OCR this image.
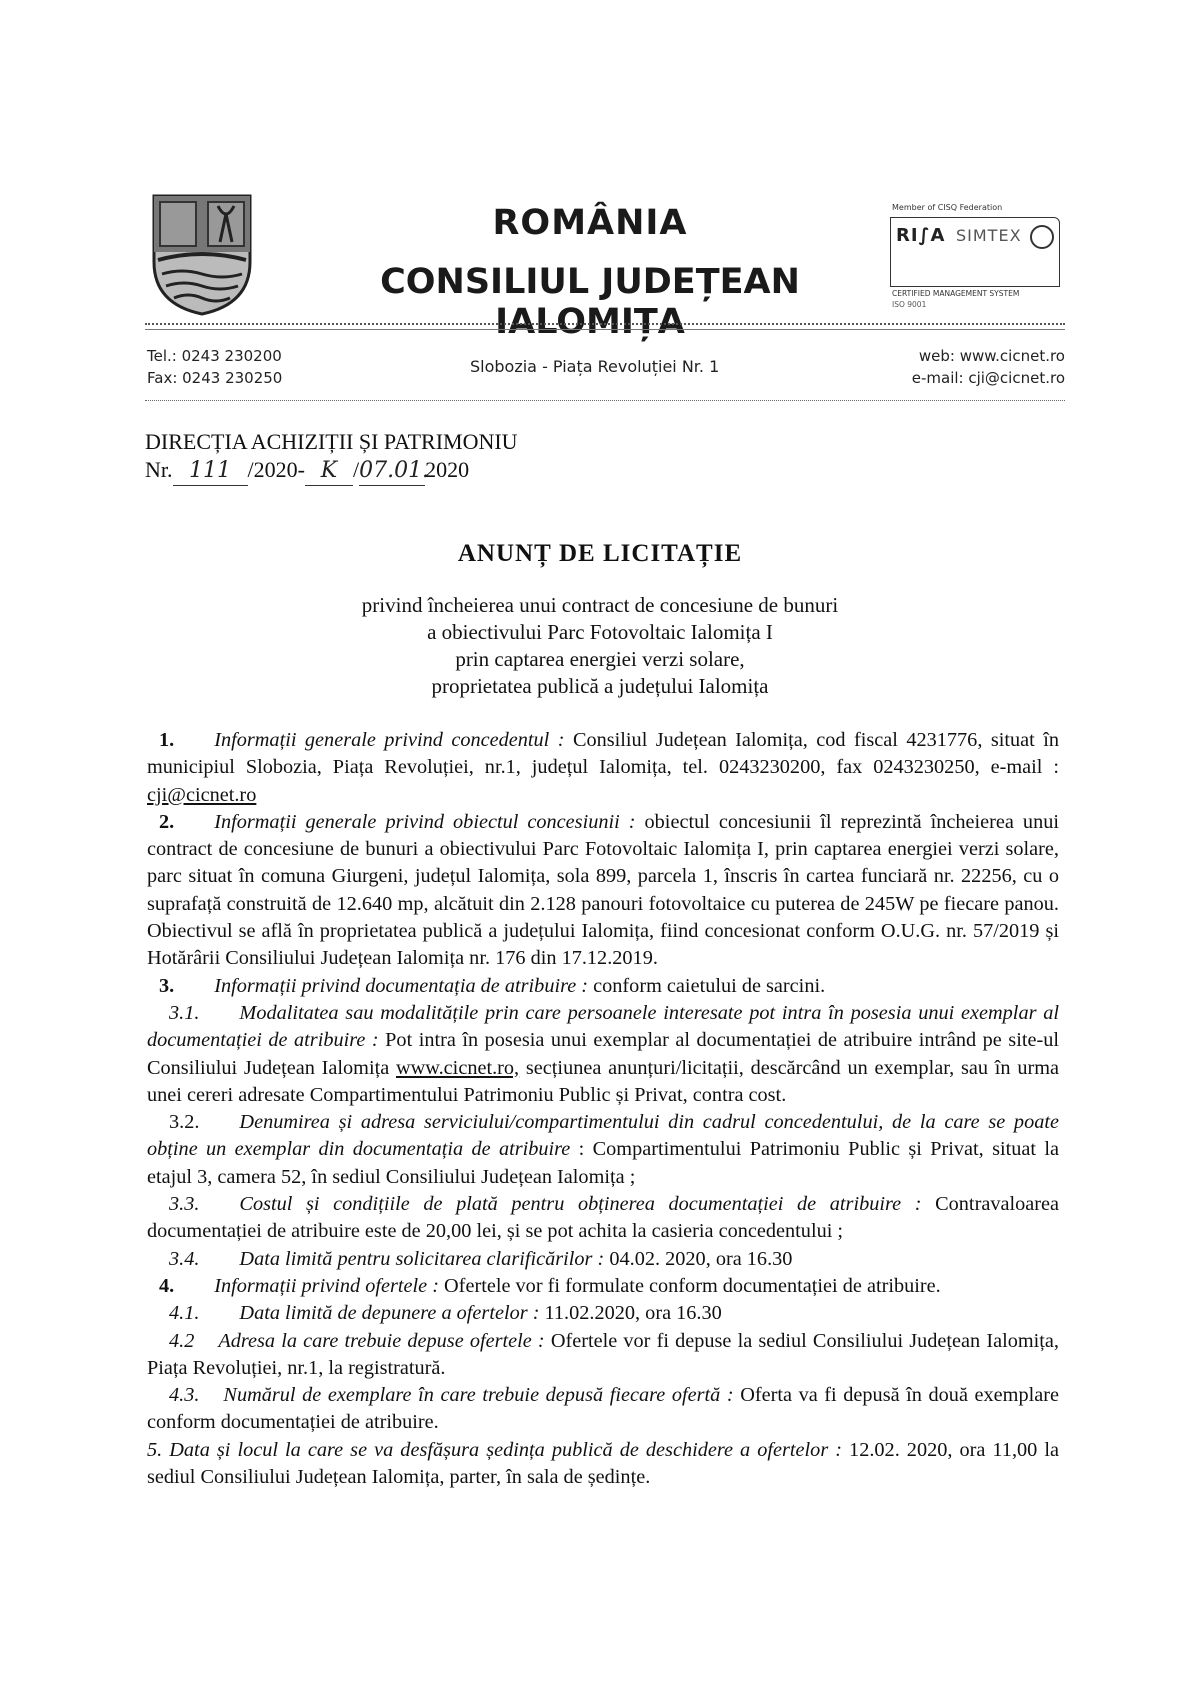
ROMÂNIA
CONSILIUL JUDEȚEAN IALOMIȚA
Member of CISQ Federation
RI∫A SIMTEX
CERTIFIED MANAGEMENT SYSTEM
ISO 9001
Tel.: 0243 230200
Fax: 0243 230250
Slobozia - Piața Revoluției Nr. 1
web: www.cicnet.ro
e-mail: cji@cicnet.ro
DIRECȚIA ACHIZIȚII ȘI PATRIMONIU
Nr. 111 /2020- K /07.01.2020
ANUNȚ DE LICITAȚIE
privind încheierea unui contract de concesiune de bunuri
a obiectivului Parc Fotovoltaic Ialomița I
prin captarea energiei verzi solare,
proprietatea publică a județului Ialomița

1. Informații generale privind concedentul : Consiliul Județean Ialomița, cod fiscal 4231776, situat în municipiul Slobozia, Piața Revoluției, nr.1, județul Ialomița, tel. 0243230200, fax 0243230250, e-mail : cji@cicnet.ro

2. Informații generale privind obiectul concesiunii : obiectul concesiunii îl reprezintă încheierea unui contract de concesiune de bunuri a obiectivului Parc Fotovoltaic Ialomița I, prin captarea energiei verzi solare, parc situat în comuna Giurgeni, județul Ialomița, sola 899, parcela 1, înscris în cartea funciară nr. 22256, cu o suprafață construită de 12.640 mp, alcătuit din 2.128 panouri fotovoltaice cu puterea de 245W pe fiecare panou. Obiectivul se află în proprietatea publică a județului Ialomița, fiind concesionat conform O.U.G. nr. 57/2019 și Hotărârii Consiliului Județean Ialomița nr. 176 din 17.12.2019.

3. Informații privind documentația de atribuire : conform caietului de sarcini.

3.1. Modalitatea sau modalitățile prin care persoanele interesate pot intra în posesia unui exemplar al documentației de atribuire : Pot intra în posesia unui exemplar al documentației de atribuire intrând pe site-ul Consiliului Județean Ialomița www.cicnet.ro, secțiunea anunțuri/licitații, descărcând un exemplar, sau în urma unei cereri adresate Compartimentului Patrimoniu Public și Privat, contra cost.

3.2. Denumirea și adresa serviciului/compartimentului din cadrul concedentului, de la care se poate obține un exemplar din documentația de atribuire : Compartimentului Patrimoniu Public și Privat, situat la etajul 3, camera 52, în sediul Consiliului Județean Ialomița ;

3.3. Costul și condițiile de plată pentru obținerea documentației de atribuire : Contravaloarea documentației de atribuire este de 20,00 lei, și se pot achita la casieria concedentului ;

3.4. Data limită pentru solicitarea clarificărilor : 04.02. 2020, ora 16.30

4. Informații privind ofertele : Ofertele vor fi formulate conform documentației de atribuire.

4.1. Data limită de depunere a ofertelor : 11.02.2020, ora 16.30

4.2 Adresa la care trebuie depuse ofertele : Ofertele vor fi depuse la sediul Consiliului Județean Ialomița, Piața Revoluției, nr.1, la registratură.

4.3. Numărul de exemplare în care trebuie depusă fiecare ofertă : Oferta va fi depusă în două exemplare conform documentației de atribuire.

5. Data și locul la care se va desfășura ședința publică de deschidere a ofertelor : 12.02. 2020, ora 11,00 la sediul Consiliului Județean Ialomița, parter, în sala de ședințe.
